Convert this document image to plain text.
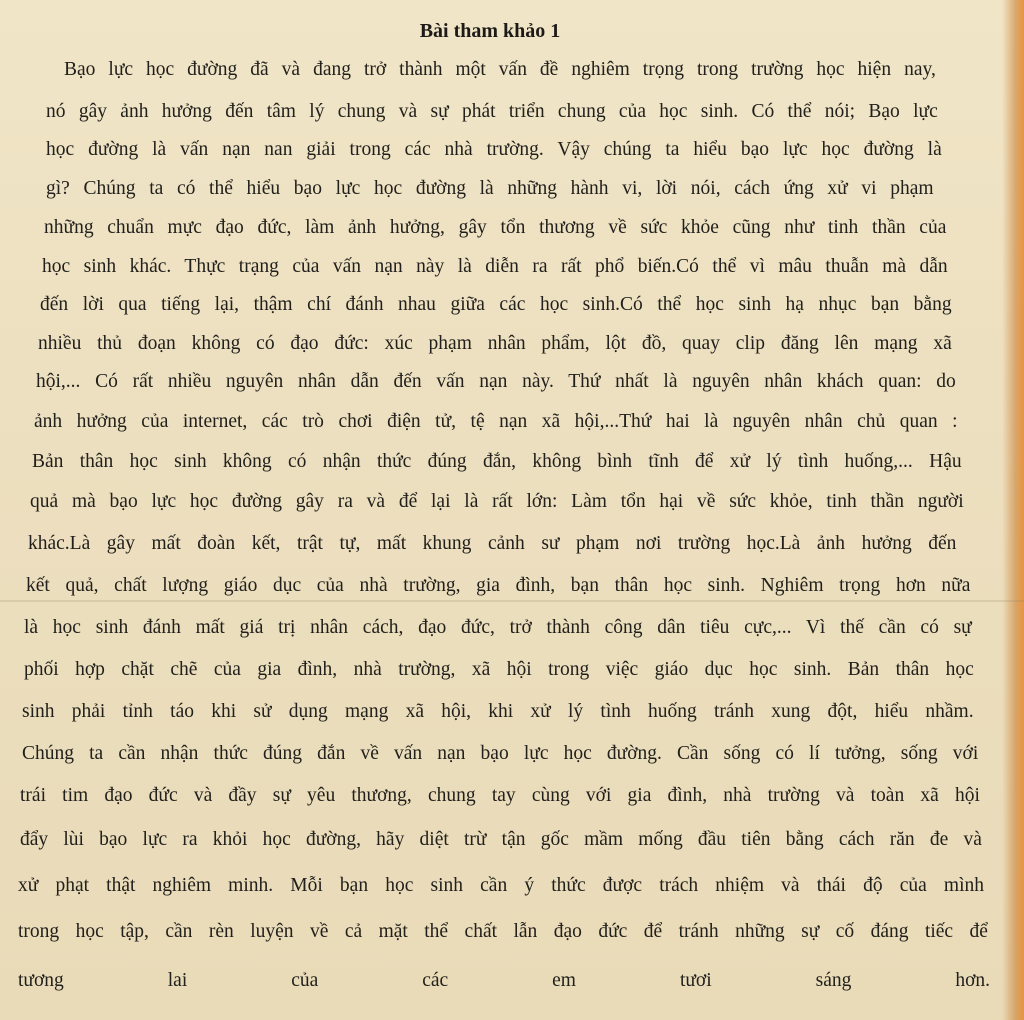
Bài tham khảo 1

Bạo lực học đường đã và đang trở thành một vấn đề nghiêm trọng trong trường học hiện nay,

nó gây ảnh hưởng đến tâm lý chung và sự phát triển chung của học sinh. Có thể nói; Bạo lực

học đường là vấn nạn nan giải trong các nhà trường. Vậy chúng ta hiểu bạo lực học đường là

gì? Chúng ta có thể hiểu bạo lực học đường là những hành vi, lời nói, cách ứng xử vi phạm

những chuẩn mực đạo đức, làm ảnh hưởng, gây tổn thương về sức khỏe cũng như tinh thần của

học sinh khác. Thực trạng của vấn nạn này là diễn ra rất phổ biến.Có thể vì mâu thuẫn mà dẫn

đến lời qua tiếng lại, thậm chí đánh nhau giữa các học sinh.Có thể học sinh hạ nhục bạn bằng

nhiều thủ đoạn không có đạo đức: xúc phạm nhân phẩm, lột đồ, quay clip đăng lên mạng xã

hội,... Có rất nhiều nguyên nhân dẫn đến vấn nạn này. Thứ nhất là nguyên nhân khách quan: do

ảnh hưởng của internet, các trò chơi điện tử, tệ nạn xã hội,...Thứ hai là nguyên nhân chủ quan :

Bản thân học sinh không có nhận thức đúng đắn, không bình tĩnh để xử lý tình huống,... Hậu

quả mà bạo lực học đường gây ra và để lại là rất lớn: Làm tổn hại về sức khỏe, tinh thần người

khác.Là gây mất đoàn kết, trật tự, mất khung cảnh sư phạm nơi trường học.Là ảnh hưởng đến

kết quả, chất lượng giáo dục của nhà trường, gia đình, bạn thân học sinh. Nghiêm trọng hơn nữa

là học sinh đánh mất giá trị nhân cách, đạo đức, trở thành công dân tiêu cực,... Vì thế cần có sự

phối hợp chặt chẽ của gia đình, nhà trường, xã hội trong việc giáo dục học sinh. Bản thân học

sinh phải tỉnh táo khi sử dụng mạng xã hội, khi xử lý tình huống tránh xung đột, hiểu nhầm.

Chúng ta cần nhận thức đúng đắn về vấn nạn bạo lực học đường. Cần sống có lí tưởng, sống với

trái tim đạo đức và đầy sự yêu thương, chung tay cùng với gia đình, nhà trường và toàn xã hội

đẩy lùi bạo lực ra khỏi học đường, hãy diệt trừ tận gốc mầm mống đầu tiên bằng cách răn đe và

xử phạt thật nghiêm minh. Mỗi bạn học sinh cần ý thức được trách nhiệm và thái độ của mình

trong học tập, cần rèn luyện về cả mặt thể chất lẫn đạo đức để tránh những sự cố đáng tiếc để

tương	lai	của	các	em	tươi	sáng	hơn.
